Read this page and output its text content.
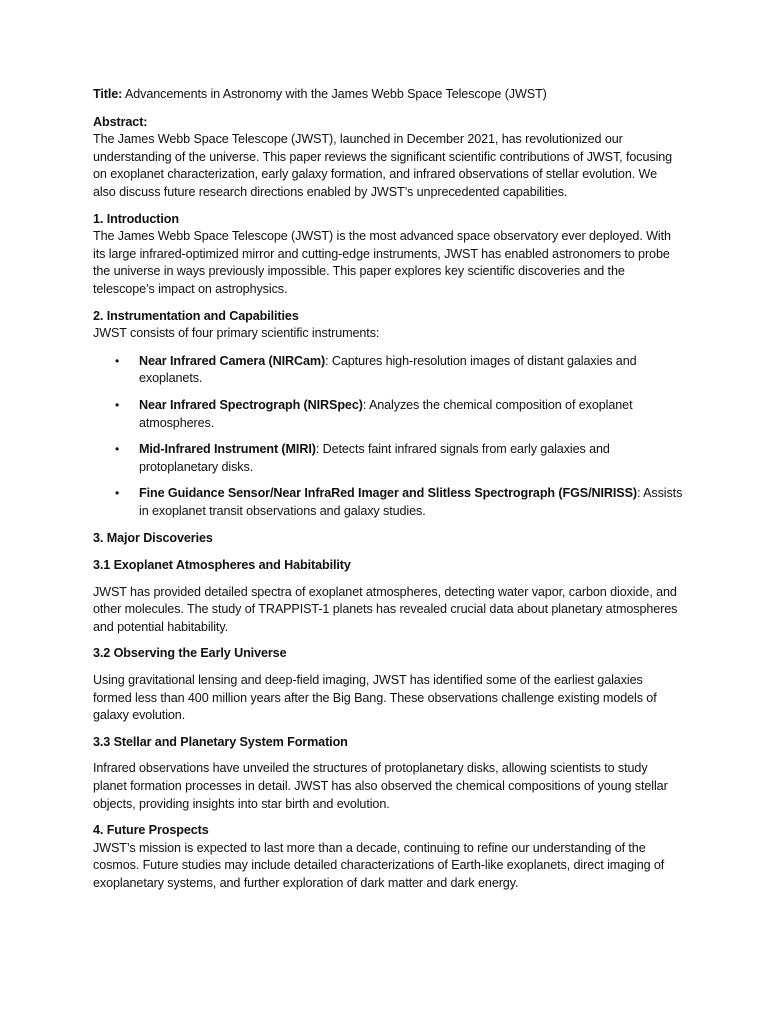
Title: Advancements in Astronomy with the James Webb Space Telescope (JWST)

Abstract:

The James Webb Space Telescope (JWST), launched in December 2021, has revolutionized our understanding of the universe. This paper reviews the significant scientific contributions of JWST, focusing on exoplanet characterization, early galaxy formation, and infrared observations of stellar evolution. We also discuss future research directions enabled by JWST’s unprecedented capabilities.

1. Introduction

The James Webb Space Telescope (JWST) is the most advanced space observatory ever deployed. With its large infrared-optimized mirror and cutting-edge instruments, JWST has enabled astronomers to probe the universe in ways previously impossible. This paper explores key scientific discoveries and the telescope’s impact on astrophysics.

2. Instrumentation and Capabilities

JWST consists of four primary scientific instruments:

• Near Infrared Camera (NIRCam): Captures high-resolution images of distant galaxies and exoplanets.
• Near Infrared Spectrograph (NIRSpec): Analyzes the chemical composition of exoplanet atmospheres.
• Mid-Infrared Instrument (MIRI): Detects faint infrared signals from early galaxies and protoplanetary disks.
• Fine Guidance Sensor/Near InfraRed Imager and Slitless Spectrograph (FGS/NIRISS): Assists in exoplanet transit observations and galaxy studies.

3. Major Discoveries

3.1 Exoplanet Atmospheres and Habitability

JWST has provided detailed spectra of exoplanet atmospheres, detecting water vapor, carbon dioxide, and other molecules. The study of TRAPPIST-1 planets has revealed crucial data about planetary atmospheres and potential habitability.

3.2 Observing the Early Universe

Using gravitational lensing and deep-field imaging, JWST has identified some of the earliest galaxies formed less than 400 million years after the Big Bang. These observations challenge existing models of galaxy evolution.

3.3 Stellar and Planetary System Formation

Infrared observations have unveiled the structures of protoplanetary disks, allowing scientists to study planet formation processes in detail. JWST has also observed the chemical compositions of young stellar objects, providing insights into star birth and evolution.

4. Future Prospects

JWST’s mission is expected to last more than a decade, continuing to refine our understanding of the cosmos. Future studies may include detailed characterizations of Earth-like exoplanets, direct imaging of exoplanetary systems, and further exploration of dark matter and dark energy.
